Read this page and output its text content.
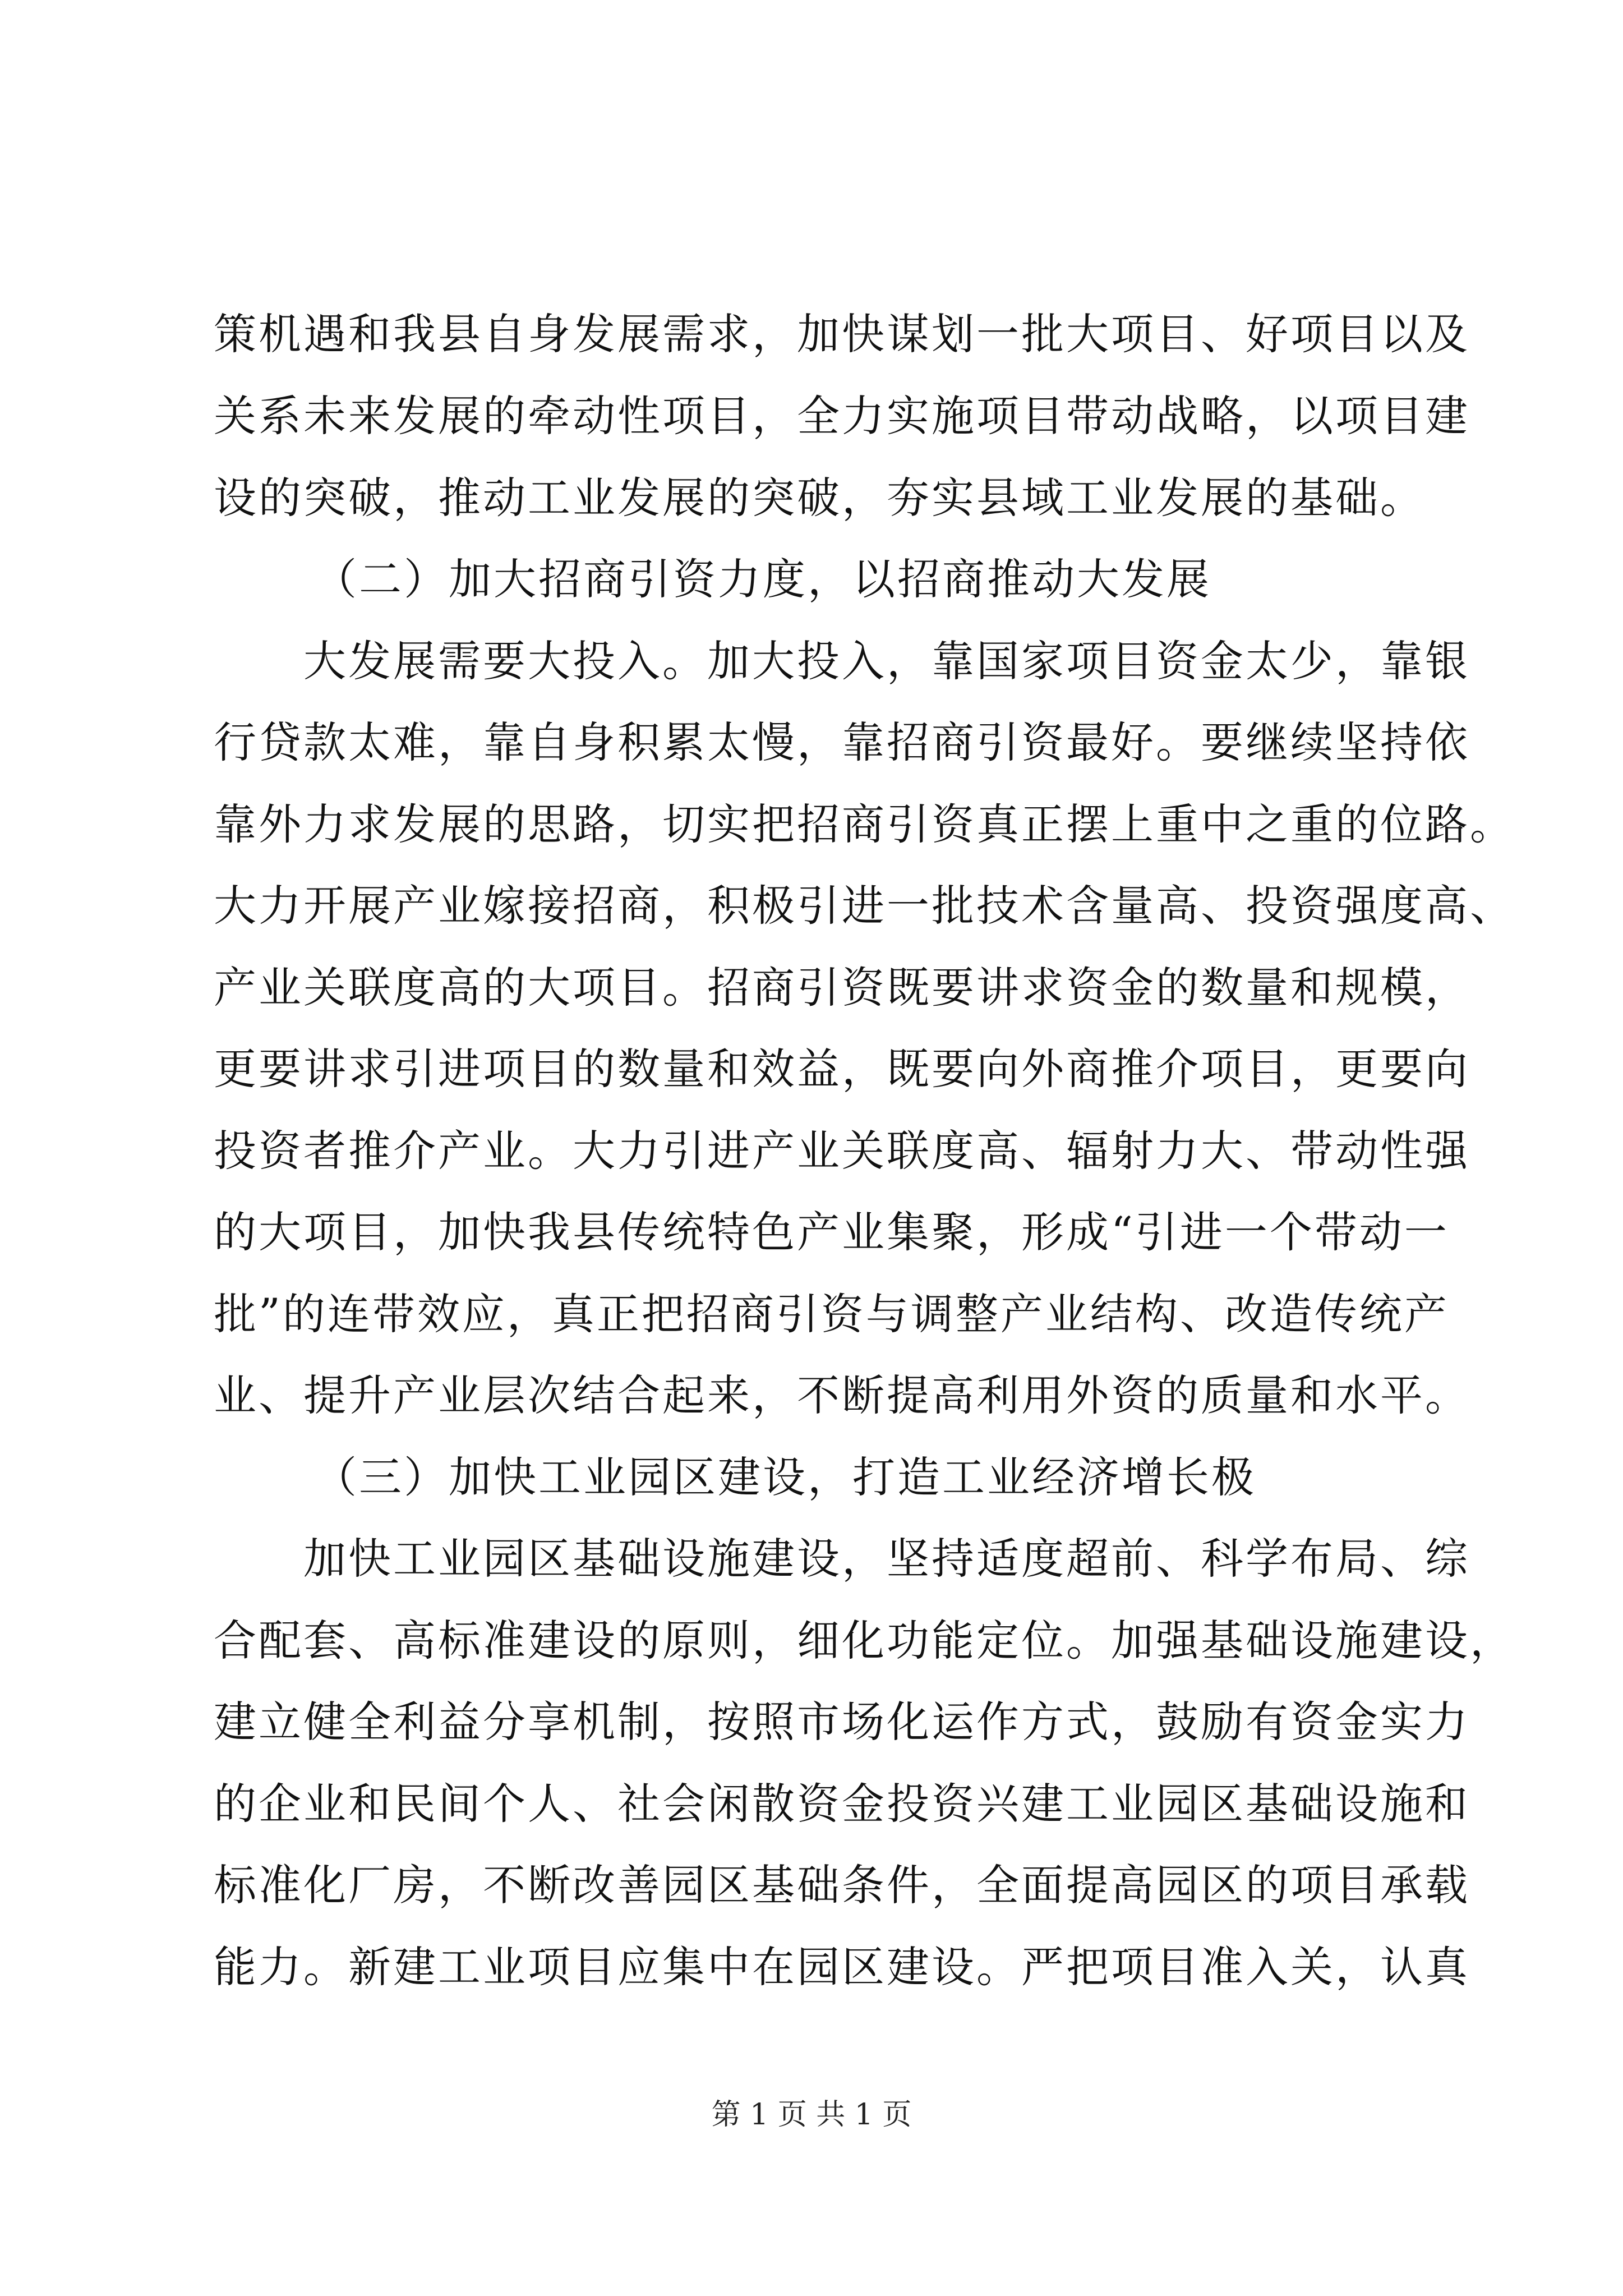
策机遇和我县自身发展需求，加快谋划一批大项目、好项目以及
关系未来发展的牵动性项目，全力实施项目带动战略，以项目建
设的突破，推动工业发展的突破，夯实县域工业发展的基础。
（二）加大招商引资力度，以招商推动大发展
大发展需要大投入。加大投入，靠国家项目资金太少，靠银
行贷款太难，靠自身积累太慢，靠招商引资最好。要继续坚持依
靠外力求发展的思路，切实把招商引资真正摆上重中之重的位路。
大力开展产业嫁接招商，积极引进一批技术含量高、投资强度高、
产业关联度高的大项目。招商引资既要讲求资金的数量和规模，
更要讲求引进项目的数量和效益，既要向外商推介项目，更要向
投资者推介产业。大力引进产业关联度高、辐射力大、带动性强
的大项目，加快我县传统特色产业集聚，形成“引进一个带动一
批”的连带效应，真正把招商引资与调整产业结构、改造传统产
业、提升产业层次结合起来，不断提高利用外资的质量和水平。
（三）加快工业园区建设，打造工业经济增长极
加快工业园区基础设施建设，坚持适度超前、科学布局、综
合配套、高标准建设的原则，细化功能定位。加强基础设施建设，
建立健全利益分享机制，按照市场化运作方式，鼓励有资金实力
的企业和民间个人、社会闲散资金投资兴建工业园区基础设施和
标准化厂房，不断改善园区基础条件，全面提高园区的项目承载
能力。新建工业项目应集中在园区建设。严把项目准入关，认真
第 1 页 共 1 页
